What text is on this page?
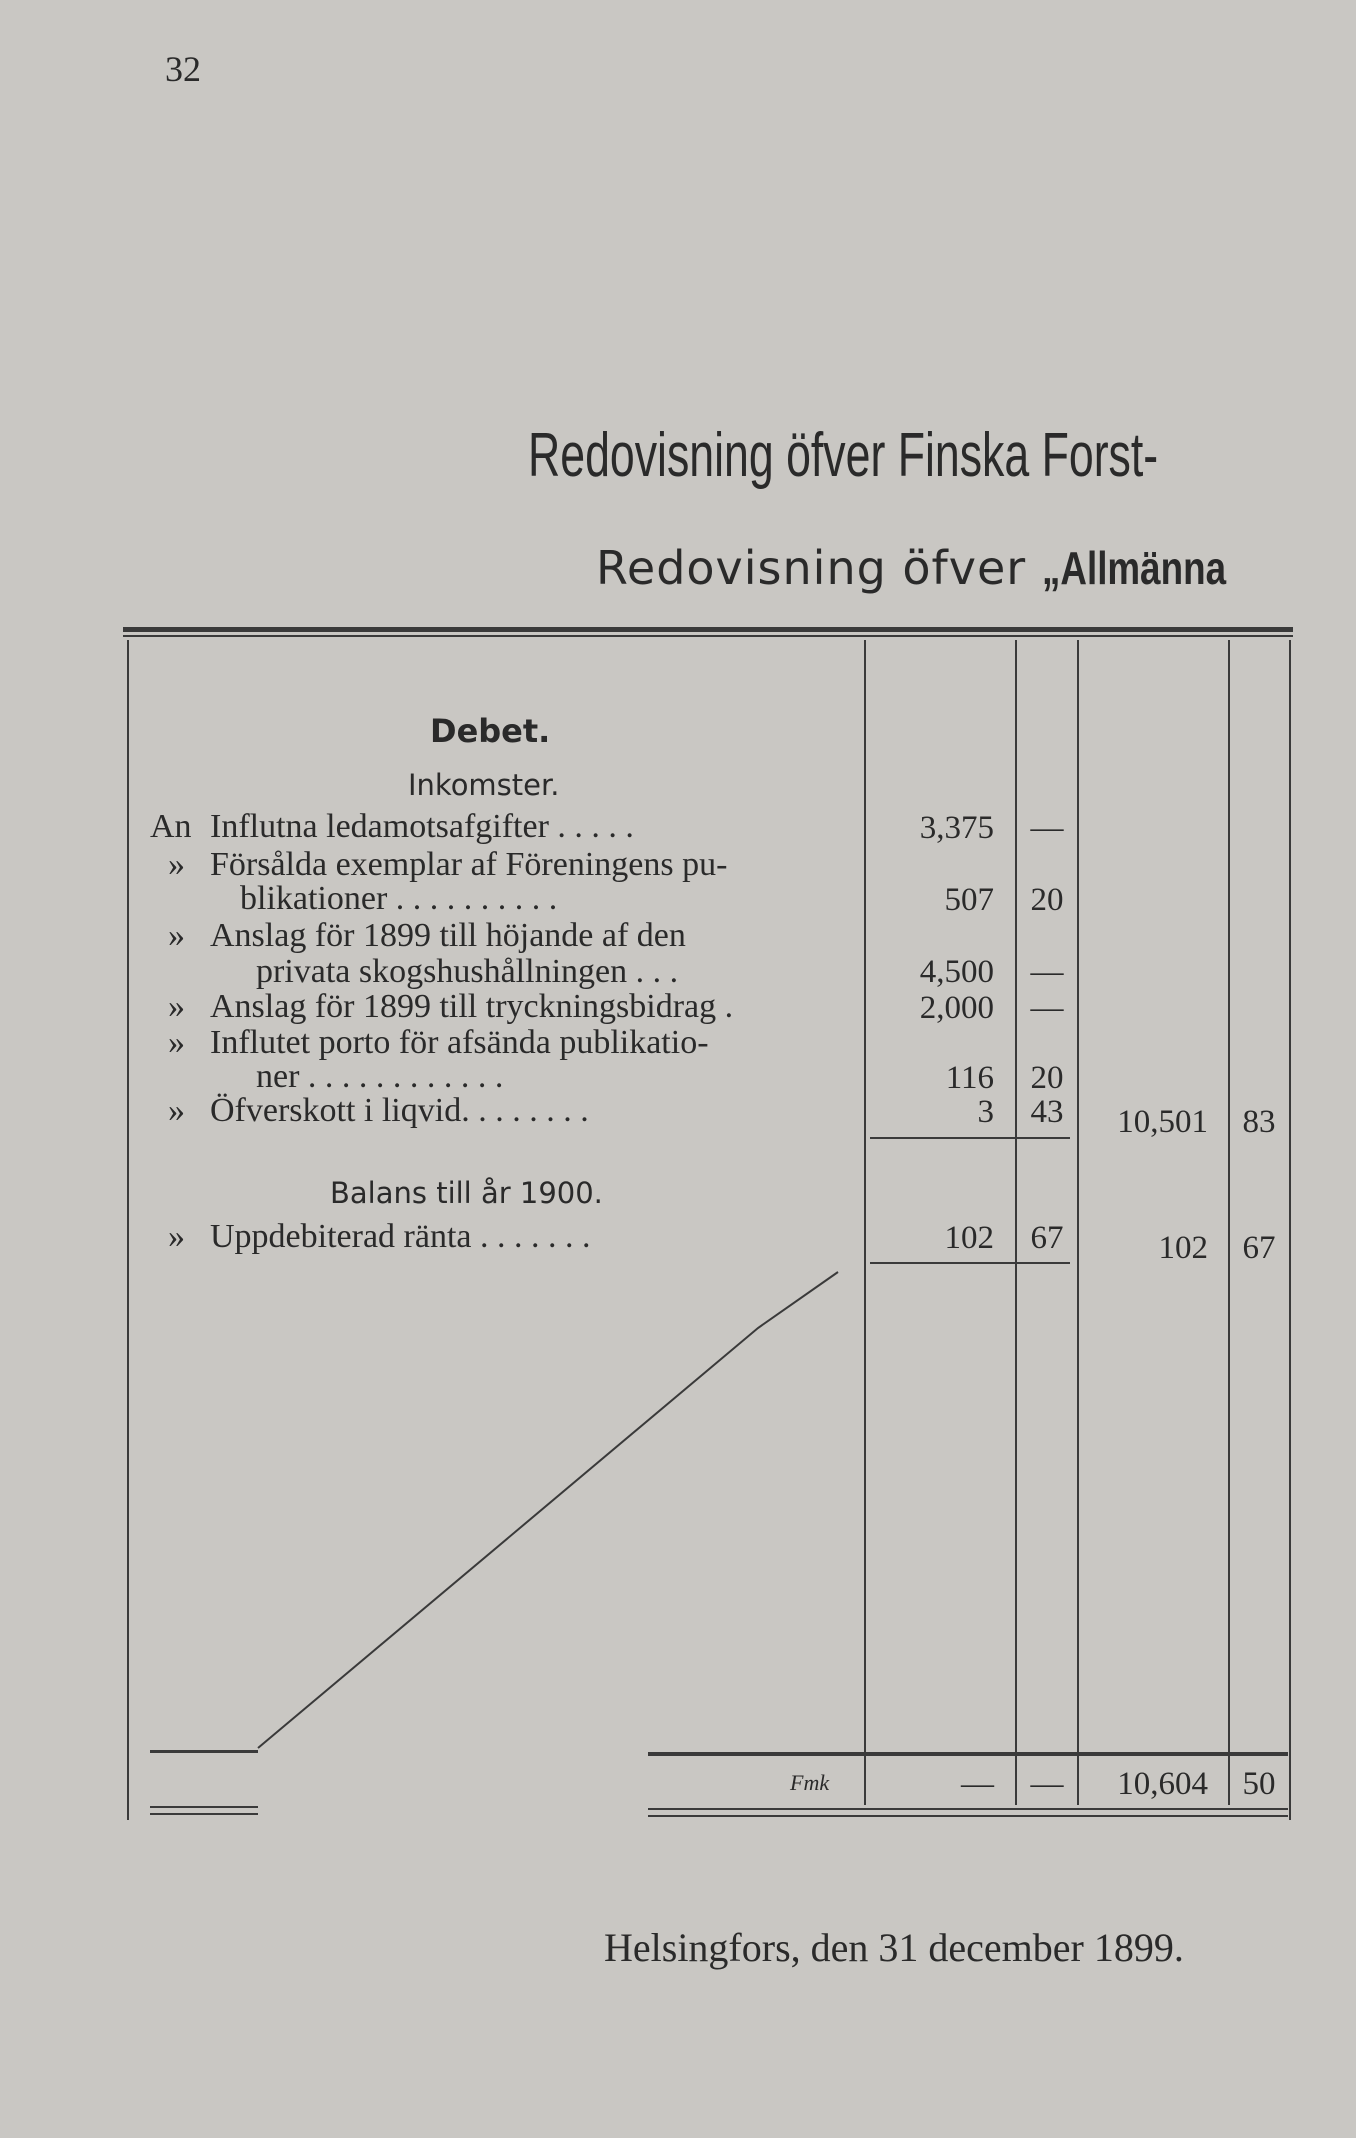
32
Redovisning öfver Finska Forst-
Redovisning öfver „Allmänna
Debet.
Inkomster.
Balans till år 1900.
An Influtna ledamotsafgifter . . . . .	3,375	—
» Försålda exemplar af Föreningens pu-
blikationer . . . . . . . . . .	507	20
» Anslag för 1899 till höjande af den
privata skogshushållningen . . .	4,500	—
» Anslag för 1899 till tryckningsbidrag .	2,000	—
» Influtet porto för afsända publikatio-
ner . . . . . . . . . . . .	116	20
» Öfverskott i liqvid. . . . . . . .	3	43	10,501	83
» Uppdebiterad ränta . . . . . . .	102	67	102	67
Fmk	—	—	10,604	50
Helsingfors, den 31 december 1899.
